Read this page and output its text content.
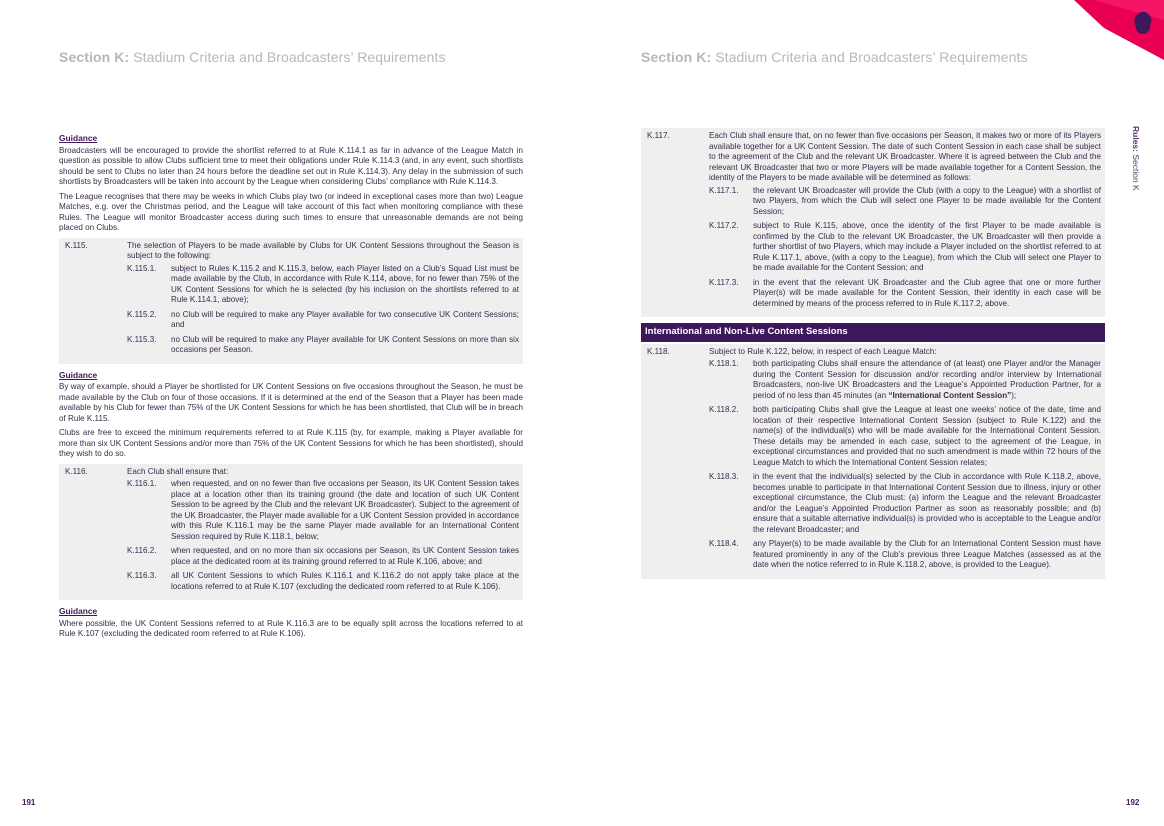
Section K: Stadium Criteria and Broadcasters’ Requirements	Section K: Stadium Criteria and Broadcasters’ Requirements
Rules: Section K
Guidance

Broadcasters will be encouraged to provide the shortlist referred to at Rule K.114.1 as far in advance of the League Match in question as possible to allow Clubs sufficient time to meet their obligations under Rule K.114.3 (and, in any event, such shortlists should be sent to Clubs no later than 24 hours before the deadline set out in Rule K.114.3). Any delay in the submission of such shortlists by Broadcasters will be taken into account by the League when considering Clubs’ compliance with Rule K.114.3.

The League recognises that there may be weeks in which Clubs play two (or indeed in exceptional cases more than two) League Matches, e.g. over the Christmas period, and the League will take account of this fact when monitoring compliance with these Rules. The League will monitor Broadcaster access during such times to ensure that unreasonable demands are not being placed on Clubs.

K.115.	The selection of Players to be made available by Clubs for UK Content Sessions throughout the Season is subject to the following:
K.115.1.	subject to Rules K.115.2 and K.115.3, below, each Player listed on a Club’s Squad List must be made available by the Club, in accordance with Rule K.114, above, for no fewer than 75% of the UK Content Sessions for which he is selected (by his inclusion on the shortlists referred to at Rule K.114.1, above);
K.115.2.	no Club will be required to make any Player available for two consecutive UK Content Sessions; and
K.115.3.	no Club will be required to make any Player available for UK Content Sessions on more than six occasions per Season.
Guidance

By way of example, should a Player be shortlisted for UK Content Sessions on five occasions throughout the Season, he must be made available by the Club on four of those occasions. If it is determined at the end of the Season that a Player has been made available by his Club for fewer than 75% of the UK Content Sessions for which he has been shortlisted, that Club will be in breach of Rule K.115.

Clubs are free to exceed the minimum requirements referred to at Rule K.115 (by, for example, making a Player available for more than six UK Content Sessions and/or more than 75% of the UK Content Sessions for which he has been shortlisted), should they wish to do so.

K.116.	Each Club shall ensure that:
K.116.1.	when requested, and on no fewer than five occasions per Season, its UK Content Session takes place at a location other than its training ground (the date and location of such UK Content Session to be agreed by the Club and the relevant UK Broadcaster). Subject to the agreement of the UK Broadcaster, the Player made available for a UK Content Session provided in accordance with this Rule K.116.1 may be the same Player made available for an International Content Session required by Rule K.118.1, below;
K.116.2.	when requested, and on no more than six occasions per Season, its UK Content Session takes place at the dedicated room at its training ground referred to at Rule K.106, above; and
K.116.3.	all UK Content Sessions to which Rules K.116.1 and K.116.2 do not apply take place at the locations referred to at Rule K.107 (excluding the dedicated room referred to at Rule K.106).
Guidance

Where possible, the UK Content Sessions referred to at Rule K.116.3 are to be equally split across the locations referred to at Rule K.107 (excluding the dedicated room referred to at Rule K.106).

K.117.	Each Club shall ensure that, on no fewer than five occasions per Season, it makes two or more of its Players available together for a UK Content Session. The date of such Content Session in each case shall be subject to the agreement of the Club and the relevant UK Broadcaster. Where it is agreed between the Club and the relevant UK Broadcaster that two or more Players will be made available together for a Content Session, the identity of the Players to be made available will be determined as follows:
K.117.1.	the relevant UK Broadcaster will provide the Club (with a copy to the League) with a shortlist of two Players, from which the Club will select one Player to be made available for the Content Session;
K.117.2.	subject to Rule K.115, above, once the identity of the first Player to be made available is confirmed by the Club to the relevant UK Broadcaster, the UK Broadcaster will then provide a further shortlist of two Players, which may include a Player included on the shortlist referred to at Rule K.117.1, above, (with a copy to the League), from which the Club will select one Player to be made available for the Content Session; and
K.117.3.	in the event that the relevant UK Broadcaster and the Club agree that one or more further Player(s) will be made available for the Content Session, their identity in each case will be determined by means of the process referred to in Rule K.117.2, above.
International and Non-Live Content Sessions
K.118.	Subject to Rule K.122, below, in respect of each League Match:
K.118.1.	both participating Clubs shall ensure the attendance of (at least) one Player and/or the Manager during the Content Session for discussion and/or recording and/or interview by International Broadcasters, non-live UK Broadcasters and the League’s Appointed Production Partner, for a period of no less than 45 minutes (an “International Content Session”);
K.118.2.	both participating Clubs shall give the League at least one weeks’ notice of the date, time and location of their respective International Content Session (subject to Rule K.122) and the name(s) of the individual(s) who will be made available for the International Content Session. These details may be amended in each case, subject to the agreement of the League, in exceptional circumstances and provided that no such amendment is made within 72 hours of the League Match to which the International Content Session relates;
K.118.3.	in the event that the individual(s) selected by the Club in accordance with Rule K.118.2, above, becomes unable to participate in that International Content Session due to illness, injury or other exceptional circumstance, the Club must: (a) inform the League and the relevant Broadcaster and/or the League’s Appointed Production Partner as soon as reasonably possible; and (b) ensure that a suitable alternative individual(s) is provided who is acceptable to the League and/or the relevant Broadcaster; and
K.118.4.	any Player(s) to be made available by the Club for an International Content Session must have featured prominently in any of the Club’s previous three League Matches (assessed as at the date when the notice referred to in Rule K.118.2, above, is provided to the League).
191	192
